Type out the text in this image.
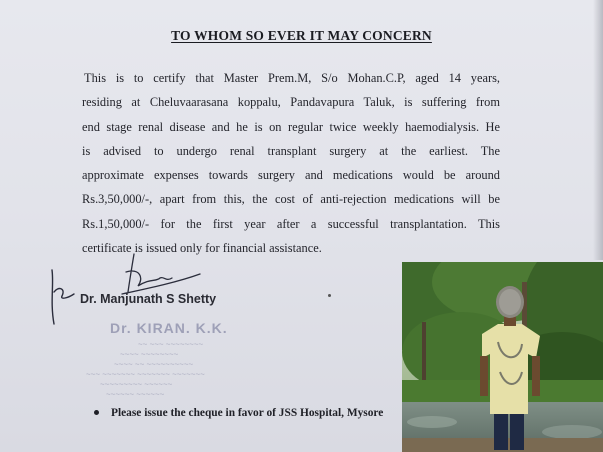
TO WHOM SO EVER IT MAY CONCERN
This is to certify that Master Prem.M, S/o Mohan.C.P, aged 14 years,
residing at Cheluvaarasana koppalu, Pandavapura Taluk, is suffering from
end stage renal disease and he is on regular twice weekly haemodialysis. He
is advised to undergo renal transplant surgery at the earliest. The
approximate expenses towards surgery and medications would be around
Rs.3,50,000/-, apart from this, the cost of anti-rejection medications will be
Rs.1,50,000/- for the first year after a successful transplantation. This
certificate is issued only for financial assistance.
Dr. Manjunath S Shetty
Dr. KIRAN. K.K.
~~ ~~~ ~~~~~~~~
~~~~ ~~~~~~~~
~~~~ ~~ ~~~~~~~~~~
~~~ ~~~~~~~ ~~~~~~~ ~~~~~~~
~~~~~~~~~ ~~~~~~
~~~~~~ ~~~~~~
Please issue the cheque in favor of JSS Hospital, Mysore
